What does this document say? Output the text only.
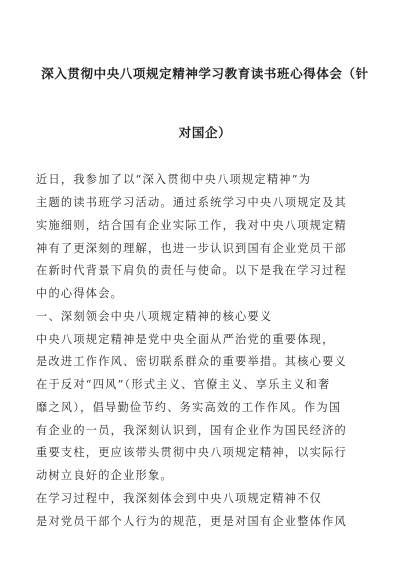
深入贯彻中央八项规定精神学习教育读书班心得体会（针
对国企）
近日，我参加了以“深入贯彻中央八项规定精神”为
主题的读书班学习活动。通过系统学习中央八项规定及其
实施细则，结合国有企业实际工作，我对中央八项规定精
神有了更深刻的理解，也进一步认识到国有企业党员干部
在新时代背景下肩负的责任与使命。以下是我在学习过程
中的心得体会。
一、深刻领会中央八项规定精神的核心要义
中央八项规定精神是党中央全面从严治党的重要体现，
是改进工作作风、密切联系群众的重要举措。其核心要义
在于反对“四风”（形式主义、官僚主义、享乐主义和奢
靡之风），倡导勤俭节约、务实高效的工作作风。作为国
有企业的一员，我深刻认识到，国有企业作为国民经济的
重要支柱，更应该带头贯彻中央八项规定精神，以实际行
动树立良好的企业形象。
在学习过程中，我深刻体会到中央八项规定精神不仅
是对党员干部个人行为的规范，更是对国有企业整体作风
